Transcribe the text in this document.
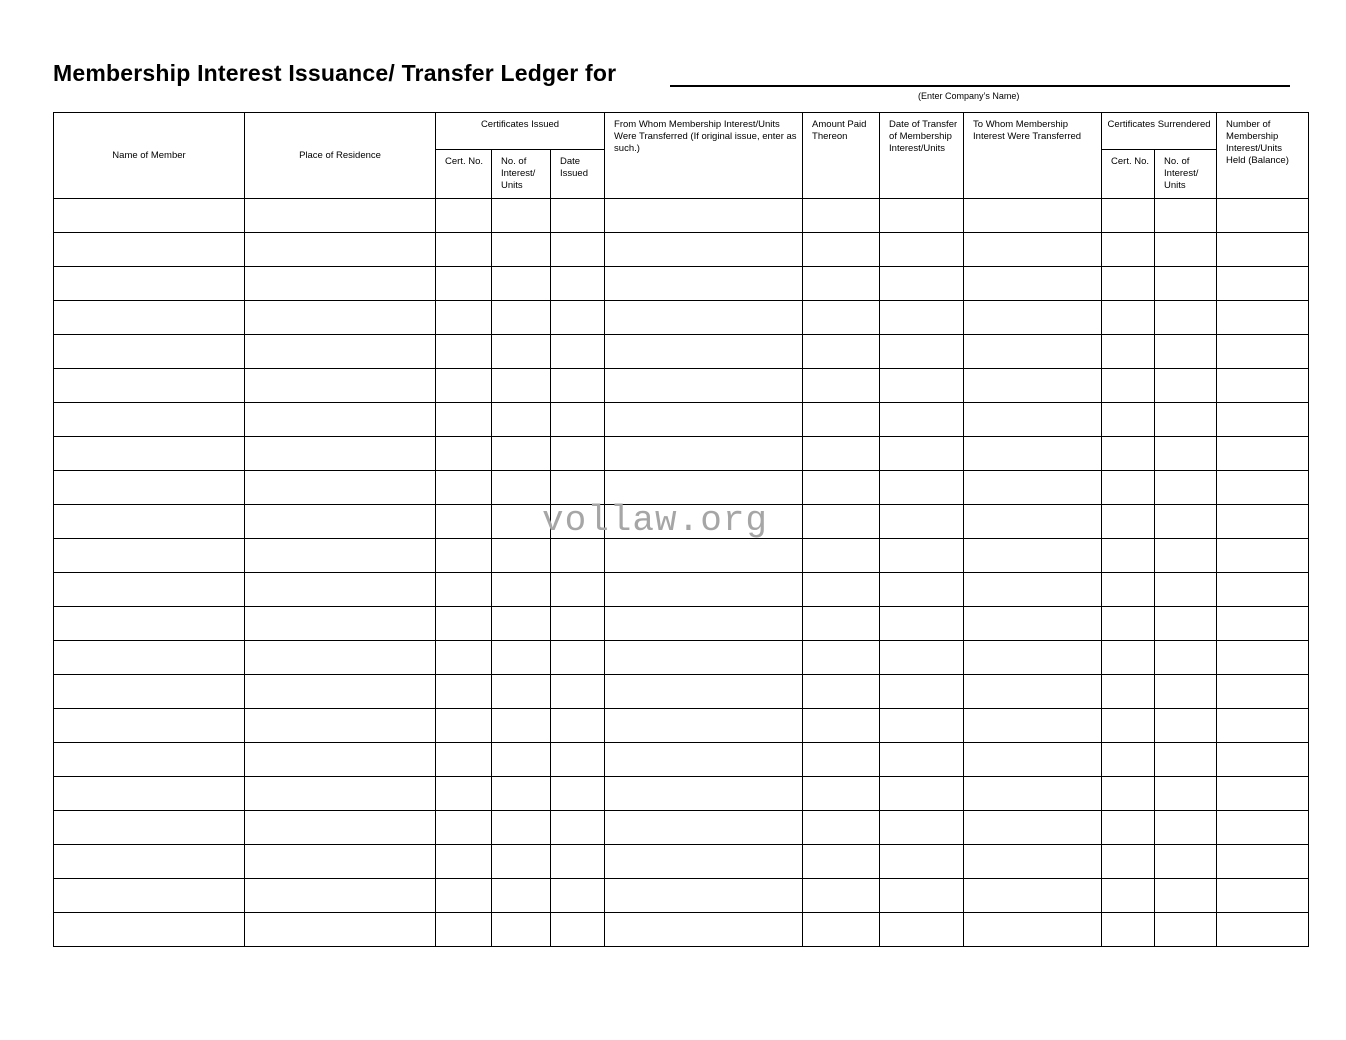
Membership Interest Issuance/ Transfer Ledger for
(Enter Company’s Name)
Name of Member	Place of Residence	Certificates Issued			From Whom Membership Interest/Units Were Transferred (If original issue, enter as such.)	Amount Paid Thereon	Date of Transfer of Membership Interest/Units	To Whom Membership Interest Were Transferred	Certificates Surrendered		Number of Membership Interest/Units Held (Balance)
		Cert. No.	No. of Interest/ Units	Date Issued					Cert. No.	No. of Interest/ Units	

vollaw.org
